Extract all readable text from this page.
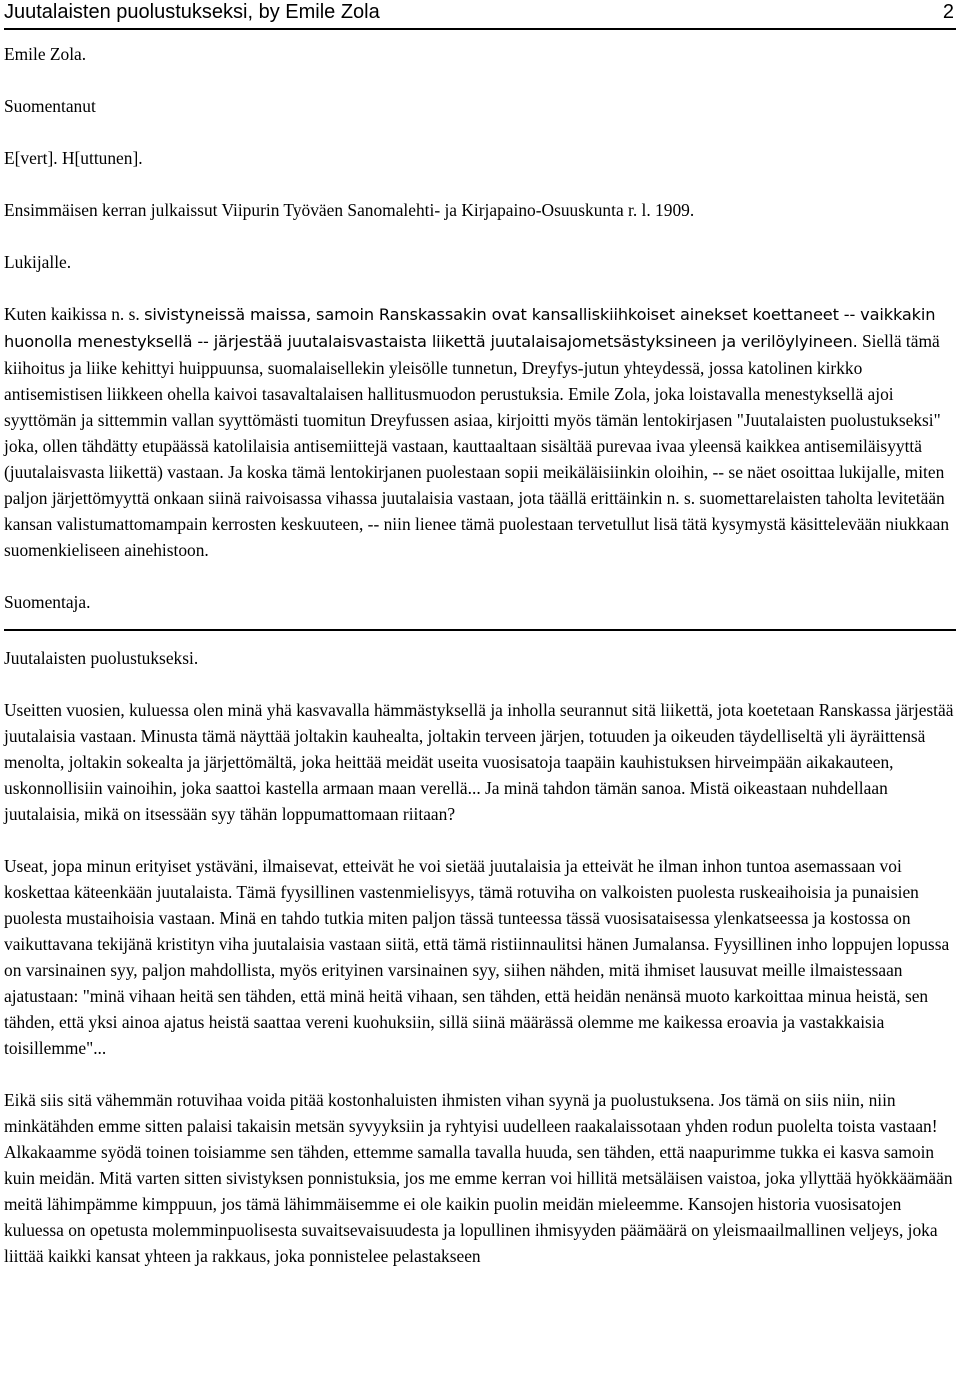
Juutalaisten puolustukseksi, by Emile Zola	2

Emile Zola.

Suomentanut

E[vert]. H[uttunen].

Ensimmäisen kerran julkaissut Viipurin Työväen Sanomalehti- ja Kirjapaino-Osuuskunta r. l. 1909.

Lukijalle.

Kuten kaikissa n. s. sivistyneissä maissa, samoin Ranskassakin ovat kansalliskiihkoiset ainekset koettaneet -- vaikkakin huonolla menestyksellä -- järjestää juutalaisvastaista liikettä juutalaisajometsästyksineen ja verilöylyineen. Siellä tämä kiihoitus ja liike kehittyi huippuunsa, suomalaisellekin yleisölle tunnetun, Dreyfys-jutun yhteydessä, jossa katolinen kirkko antisemistisen liikkeen ohella kaivoi tasavaltalaisen hallitusmuodon perustuksia. Emile Zola, joka loistavalla menestyksellä ajoi syyttömän ja sittemmin vallan syyttömästi tuomitun Dreyfussen asiaa, kirjoitti myös tämän lentokirjasen "Juutalaisten puolustukseksi" joka, ollen tähdätty etupäässä katolilaisia antisemiittejä vastaan, kauttaaltaan sisältää purevaa ivaa yleensä kaikkea antisemiläisyyttä (juutalaisvasta liikettä) vastaan. Ja koska tämä lentokirjanen puolestaan sopii meikäläisiinkin oloihin, -- se näet osoittaa lukijalle, miten paljon järjettömyyttä onkaan siinä raivoisassa vihassa juutalaisia vastaan, jota täällä erittäinkin n. s. suomettarelaisten taholta levitetään kansan valistumattomampain kerrosten keskuuteen, -- niin lienee tämä puolestaan tervetullut lisä tätä kysymystä käsittelevään niukkaan suomenkieliseen ainehistoon.

Suomentaja.

Juutalaisten puolustukseksi.

Useitten vuosien, kuluessa olen minä yhä kasvavalla hämmästyksellä ja inholla seurannut sitä liikettä, jota koetetaan Ranskassa järjestää juutalaisia vastaan. Minusta tämä näyttää joltakin kauhealta, joltakin terveen järjen, totuuden ja oikeuden täydelliseltä yli äyräittensä menolta, joltakin sokealta ja järjettömältä, joka heittää meidät useita vuosisatoja taapäin kauhistuksen hirveimpään aikakauteen, uskonnollisiin vainoihin, joka saattoi kastella armaan maan verellä... Ja minä tahdon tämän sanoa. Mistä oikeastaan nuhdellaan juutalaisia, mikä on itsessään syy tähän loppumattomaan riitaan?

Useat, jopa minun erityiset ystäväni, ilmaisevat, etteivät he voi sietää juutalaisia ja etteivät he ilman inhon tuntoa asemassaan voi koskettaa käteenkään juutalaista. Tämä fyysillinen vastenmielisyys, tämä rotuviha on valkoisten puolesta ruskeaihoisia ja punaisien puolesta mustaihoisia vastaan. Minä en tahdo tutkia miten paljon tässä tunteessa tässä vuosisataisessa ylenkatseessa ja kostossa on vaikuttavana tekijänä kristityn viha juutalaisia vastaan siitä, että tämä ristiinnaulitsi hänen Jumalansa. Fyysillinen inho loppujen lopussa on varsinainen syy, paljon mahdollista, myös erityinen varsinainen syy, siihen nähden, mitä ihmiset lausuvat meille ilmaistessaan ajatustaan: "minä vihaan heitä sen tähden, että minä heitä vihaan, sen tähden, että heidän nenänsä muoto karkoittaa minua heistä, sen tähden, että yksi ainoa ajatus heistä saattaa vereni kuohuksiin, sillä siinä määrässä olemme me kaikessa eroavia ja vastakkaisia toisillemme"...

Eikä siis sitä vähemmän rotuvihaa voida pitää kostonhaluisten ihmisten vihan syynä ja puolustuksena. Jos tämä on siis niin, niin minkätähden emme sitten palaisi takaisin metsän syvyyksiin ja ryhtyisi uudelleen raakalaissotaan yhden rodun puolelta toista vastaan! Alkakaamme syödä toinen toisiamme sen tähden, ettemme samalla tavalla huuda, sen tähden, että naapurimme tukka ei kasva samoin kuin meidän. Mitä varten sitten sivistyksen ponnistuksia, jos me emme kerran voi hillitä metsäläisen vaistoa, joka yllyttää hyökkäämään meitä lähimpämme kimppuun, jos tämä lähimmäisemme ei ole kaikin puolin meidän mieleemme. Kansojen historia vuosisatojen kuluessa on opetusta molemminpuolisesta suvaitsevaisuudesta ja lopullinen ihmisyyden päämäärä on yleismaailmallinen veljeys, joka liittää kaikki kansat yhteen ja rakkaus, joka ponnistelee pelastakseen
